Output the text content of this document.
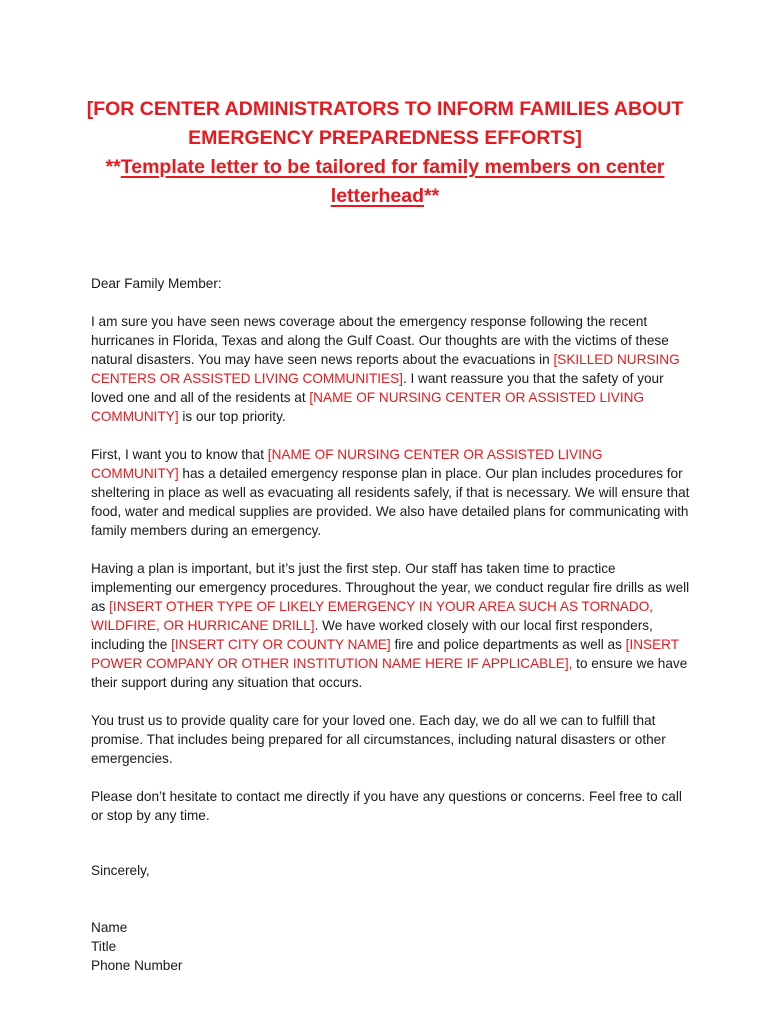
[FOR CENTER ADMINISTRATORS TO INFORM FAMILIES ABOUT
EMERGENCY PREPAREDNESS EFFORTS]
**Template letter to be tailored for family members on center
letterhead**

Dear Family Member:

I am sure you have seen news coverage about the emergency response following the recent hurricanes in Florida, Texas and along the Gulf Coast. Our thoughts are with the victims of these natural disasters. You may have seen news reports about the evacuations in [SKILLED NURSING CENTERS OR ASSISTED LIVING COMMUNITIES]. I want reassure you that the safety of your loved one and all of the residents at [NAME OF NURSING CENTER OR ASSISTED LIVING COMMUNITY] is our top priority.

First, I want you to know that [NAME OF NURSING CENTER OR ASSISTED LIVING COMMUNITY] has a detailed emergency response plan in place. Our plan includes procedures for sheltering in place as well as evacuating all residents safely, if that is necessary. We will ensure that food, water and medical supplies are provided. We also have detailed plans for communicating with family members during an emergency.

Having a plan is important, but it’s just the first step. Our staff has taken time to practice implementing our emergency procedures. Throughout the year, we conduct regular fire drills as well as [INSERT OTHER TYPE OF LIKELY EMERGENCY IN YOUR AREA SUCH AS TORNADO, WILDFIRE, OR HURRICANE DRILL]. We have worked closely with our local first responders, including the [INSERT CITY OR COUNTY NAME] fire and police departments as well as [INSERT POWER COMPANY OR OTHER INSTITUTION NAME HERE IF APPLICABLE], to ensure we have their support during any situation that occurs.

You trust us to provide quality care for your loved one. Each day, we do all we can to fulfill that promise. That includes being prepared for all circumstances, including natural disasters or other emergencies.

Please don’t hesitate to contact me directly if you have any questions or concerns. Feel free to call or stop by any time.

Sincerely,
Name
Title
Phone Number
